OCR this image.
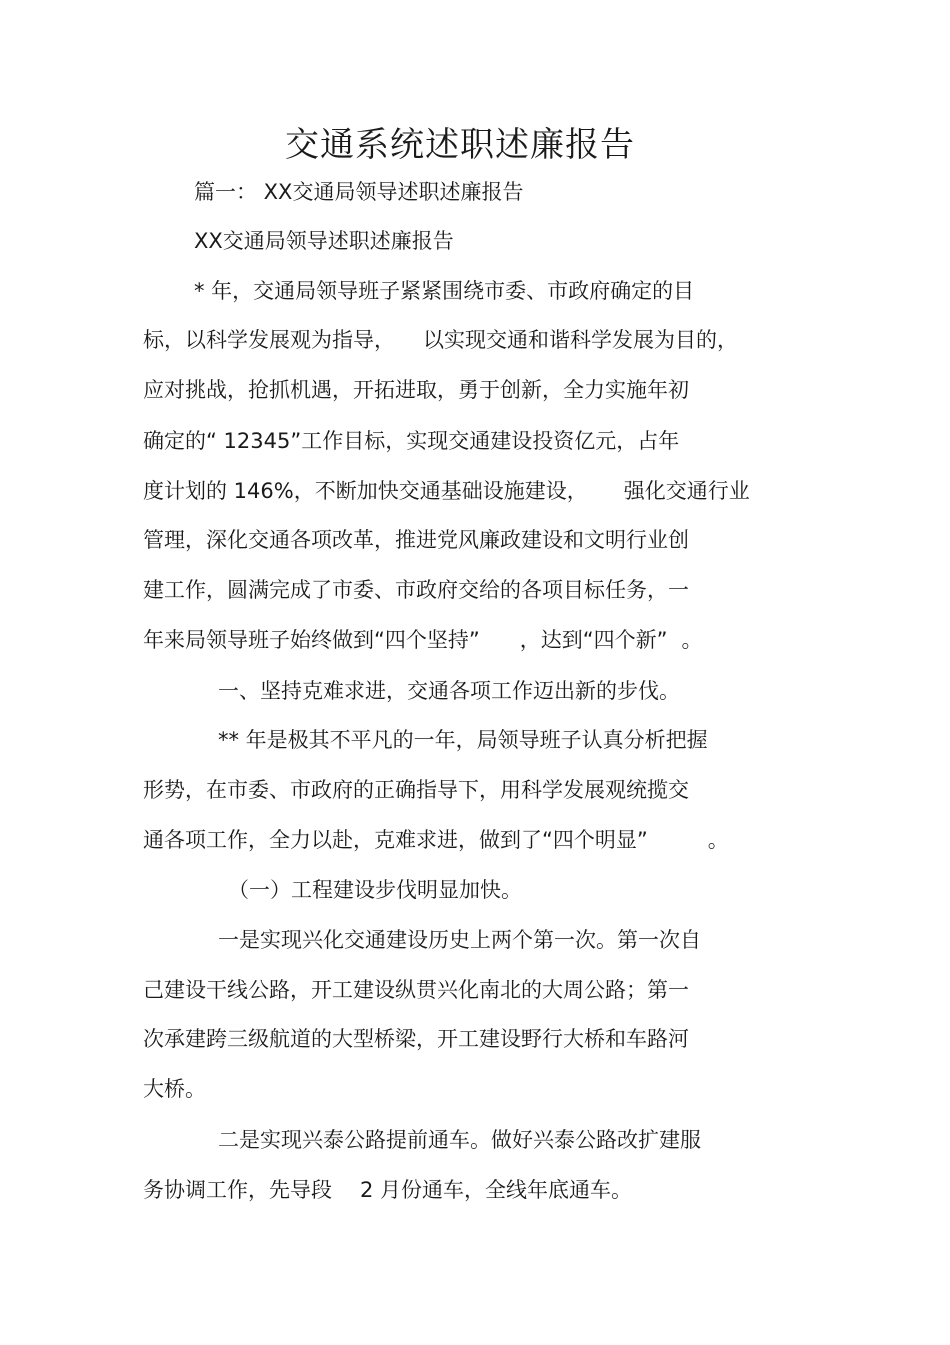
交通系统述职述廉报告
篇一： XX交通局领导述职述廉报告
XX交通局领导述职述廉报告
* 年，交通局领导班子紧紧围绕市委、市政府确定的目
标，以科学发展观为指导， 以实现交通和谐科学发展为目的，
应对挑战，抢抓机遇，开拓进取，勇于创新，全力实施年初
确定的“ 12345”工作目标，实现交通建设投资亿元，占年
度计划的 146%，不断加快交通基础设施建设， 强化交通行业
管理，深化交通各项改革，推进党风廉政建设和文明行业创
建工作，圆满完成了市委、市政府交给的各项目标任务，一
年来局领导班子始终做到“四个坚持” ，达到“四个新” 。
一、坚持克难求进，交通各项工作迈出新的步伐。
** 年是极其不平凡的一年，局领导班子认真分析把握
形势，在市委、市政府的正确指导下，用科学发展观统揽交
通各项工作，全力以赴，克难求进，做到了“四个明显”	。
（一）工程建设步伐明显加快。
一是实现兴化交通建设历史上两个第一次。第一次自
己建设干线公路，开工建设纵贯兴化南北的大周公路；第一
次承建跨三级航道的大型桥梁，开工建设野行大桥和车路河
大桥。
二是实现兴泰公路提前通车。做好兴泰公路改扩建服
务协调工作，先导段 2 月份通车，全线年底通车。
